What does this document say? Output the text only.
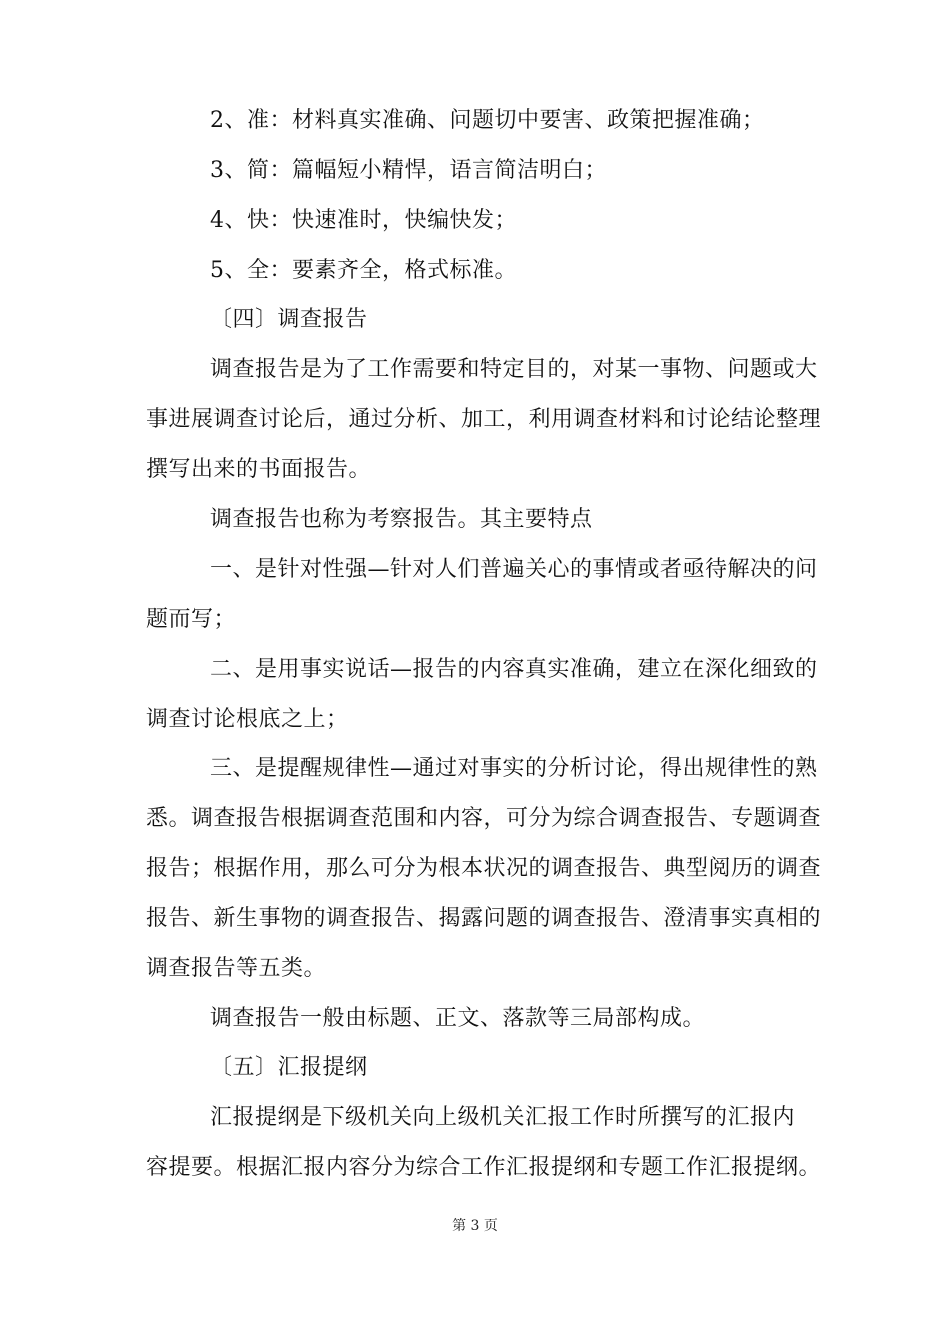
2、准：材料真实准确、问题切中要害、政策把握准确；
3、简：篇幅短小精悍，语言简洁明白；
4、快：快速准时，快编快发；
5、全：要素齐全，格式标准。
〔四〕调查报告
调查报告是为了工作需要和特定目的，对某一事物、问题或大
事进展调查讨论后，通过分析、加工，利用调查材料和讨论结论整理
撰写出来的书面报告。
调查报告也称为考察报告。其主要特点
一、是针对性强—针对人们普遍关心的事情或者亟待解决的问
题而写；
二、是用事实说话—报告的内容真实准确，建立在深化细致的
调查讨论根底之上；
三、是提醒规律性—通过对事实的分析讨论，得出规律性的熟
悉。调查报告根据调查范围和内容，可分为综合调查报告、专题调查
报告；根据作用，那么可分为根本状况的调查报告、典型阅历的调查
报告、新生事物的调查报告、揭露问题的调查报告、澄清事实真相的
调查报告等五类。
调查报告一般由标题、正文、落款等三局部构成。
〔五〕汇报提纲
汇报提纲是下级机关向上级机关汇报工作时所撰写的汇报内
容提要。根据汇报内容分为综合工作汇报提纲和专题工作汇报提纲。
第 3 页
